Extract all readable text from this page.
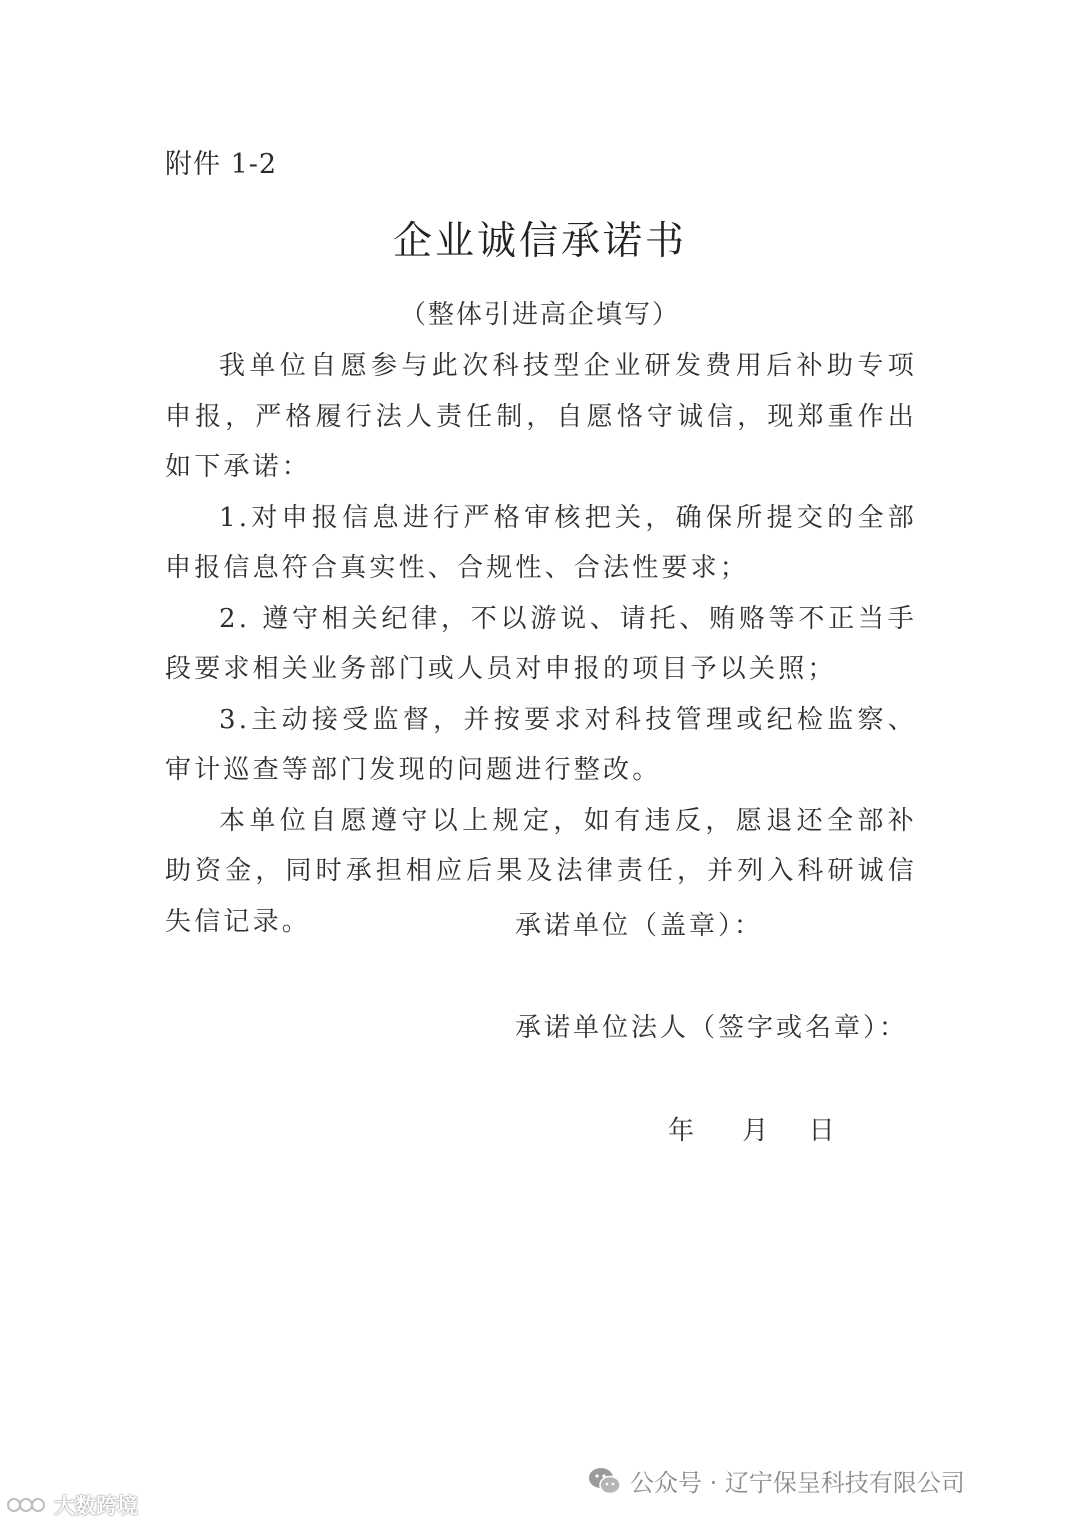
附件 1-2
企业诚信承诺书
（整体引进高企填写）

我单位自愿参与此次科技型企业研发费用后补助专项申报，严格履行法人责任制，自愿恪守诚信，现郑重作出如下承诺：

1.对申报信息进行严格审核把关，确保所提交的全部申报信息符合真实性、合规性、合法性要求；

2. 遵守相关纪律，不以游说、请托、贿赂等不正当手段要求相关业务部门或人员对申报的项目予以关照；

3.主动接受监督，并按要求对科技管理或纪检监察、审计巡查等部门发现的问题进行整改。

本单位自愿遵守以上规定，如有违反，愿退还全部补助资金，同时承担相应后果及法律责任，并列入科研诚信失信记录。	承诺单位（盖章）：
承诺单位法人（签字或名章）：
年 月 日
公众号 · 辽宁保呈科技有限公司
大数跨境
